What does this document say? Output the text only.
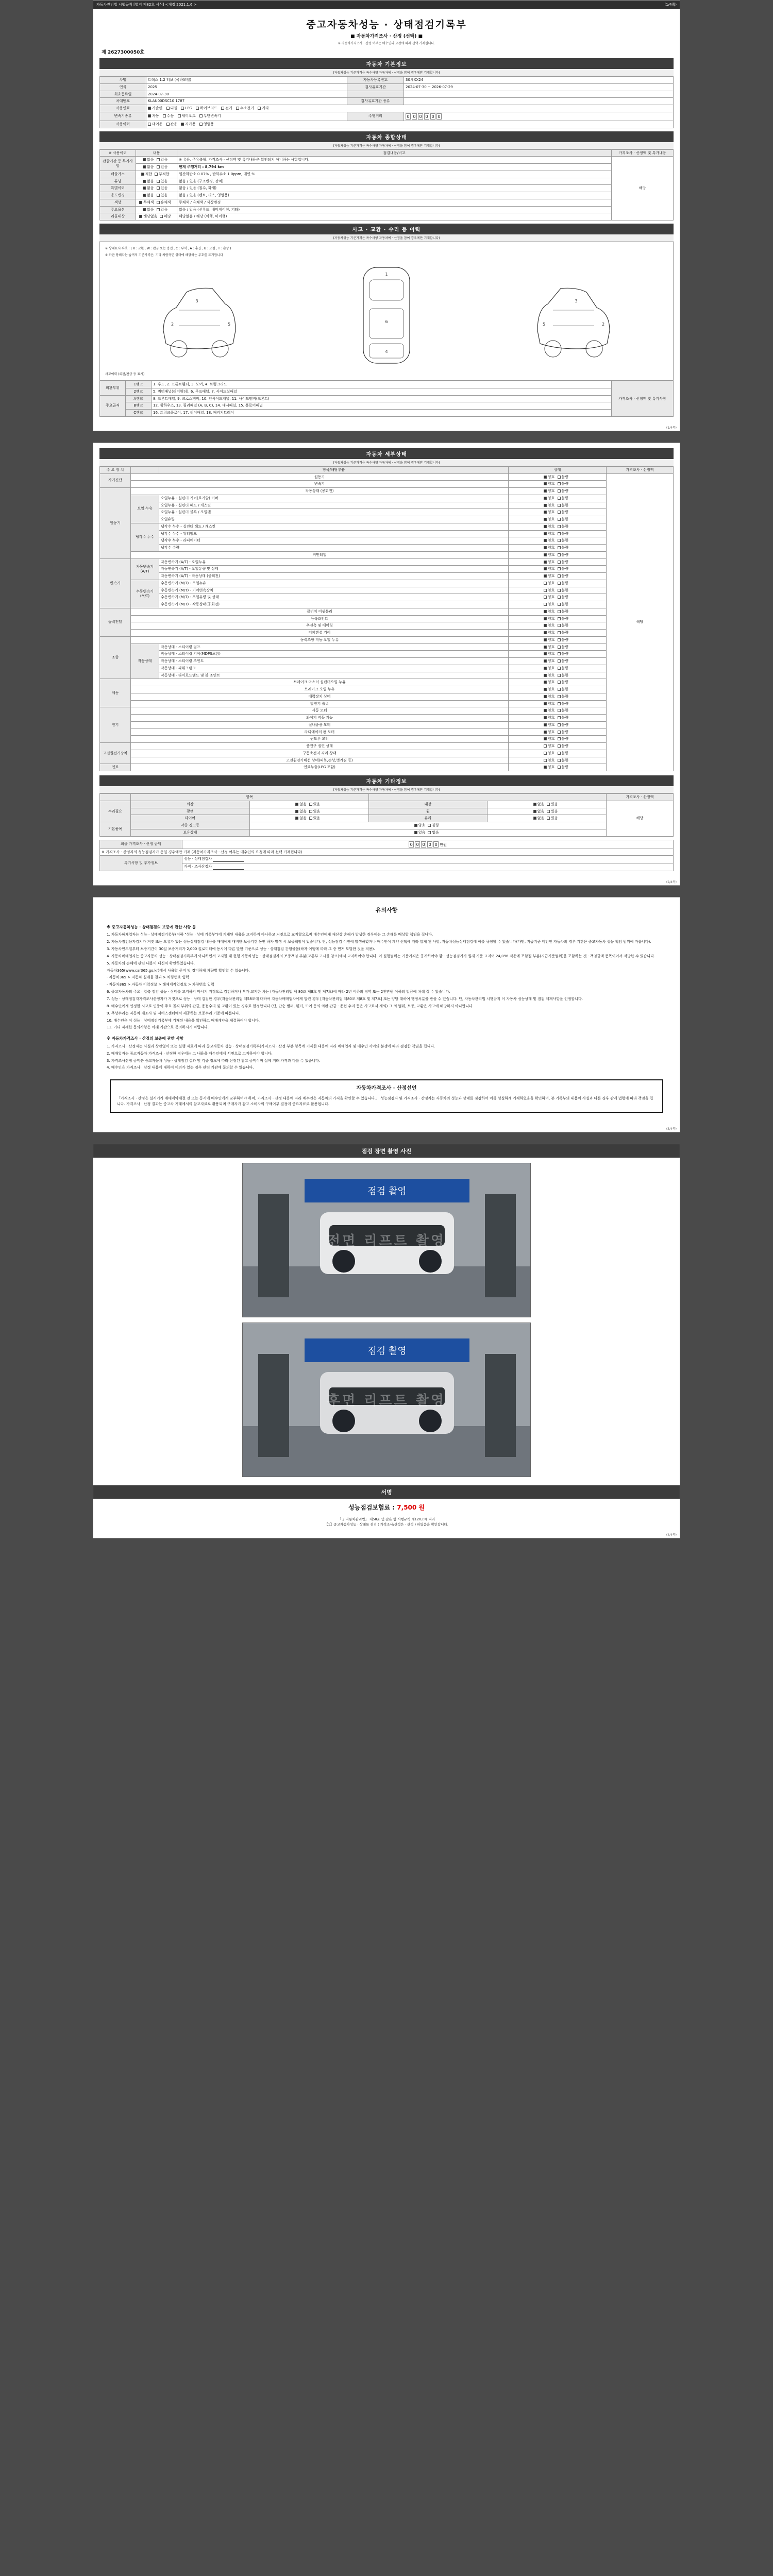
자동차관리법 시행규칙 [별지 제82호 서식] <개정 2021.1.6.>	(1/4쪽)
중고자동차성능 · 상태점검기록부
■ 자동차가격조사 · 산정 (선택) ■
※ 자동차가격조사 · 산정 여부는 매수인의 요청에 따라 선택 기재됩니다.
제 2627300050호
자동차 기본정보
(자동차성능 기준가격은 특수사양 자동차에 · 산정을 참여 경우에만 기재합니다)
차명	트랙스 1.2 터보 (국하모델)	자동차등록번호	30세XX24
연식	2025	검사유효기간	2024-07-30 ~ 2026-07-29
최초등록일	2024-07-30		
차대번호	KLAU00DSC10 1787	검사유효기간 종류	
사용연료	가솔린 디젤 LPG 하이브리드 전기 수소전기 기타		
변속기종류	자동 수동 세미오토 무단변속기	주행거리	0 0 0 0 0 0

사용이력	대여용 관용 자가용 영업용		
자동차 종합상태
(자동차성능 기준가격은 특수사양 자동차에 · 산정을 참여 경우에만 기재합니다)
※ 사용이력	내용	점검내용/비고	가격조사 · 산정액 및 특가내용
관할기관 등 특기사항	없음 있음	※ 유용, 주유출혈, 가격조사 · 산정액 및 특기내용은 확인되지 아니하는 사항입니다.	해당
	없음 있음	현재 주행거리 : 8,794 km	
배출가스	적합 부적합	일산화탄소 0.07% , 탄화수소 1.0ppm, 매연 %	
튜닝	없음 있음	없음 / 있음 (구조변경, 장치)	
특별이력	없음 있음	없음 / 있음 (침수, 화재)	
용도변경	없음 있음	없음 / 있음 (렌트, 리스, 영업용)	
색상	무채색 유채색	무채색 / 유채색 / 색상변경	
주요옵션	없음 있음	없음 / 있음 (선루프, 내비게이션, 기타)	
리콜대상	해당없음 해당	해당없음 / 해당 (이행, 미이행)	
사고 · 교환 · 수리 등 이력
(자동차성능 기준가격은 특수사양 자동차에 · 산정을 참여 경우에만 기재합니다)
※ 상태표시 부호 : ( X : 교환 , W : 판금 또는 용접 , C : 부식 , A : 흠집 , U : 요철 , T : 손상 )
※ 하단 당해차는 숨겨져 기준가격은, 기타 차량측면 상태에 해당하는 부호를 표기합니다
3
2	5
1
6
4
3
2
5
사고이력 (외판/판금 등 표시)
외판부위	1랭크	1. 후드, 2. 프론트휀더, 3. 도어, 4. 트렁크리드	가격조사 · 산정액 및 특기사항
	2랭크	5. 쿼터패널(리어휀더), 6. 루프패널, 7. 사이드실패널	
주요골격	A랭크	8. 프론트패널, 9. 크로스멤버, 10. 인사이드패널, 11. 사이드멤버(프론트)	
	B랭크	12. 휠하우스, 13. 필러패널 (A, B, C), 14. 대시패널, 15. 플로어패널	
	C랭크	16. 트렁크플로어, 17. 리어패널, 18. 패키지트레이	
(1/4쪽)
자동차 세부상태
(자동차성능 기준가격은 특수사양 자동차에 · 산정을 참여 경우에만 기재합니다)
주 요 장 치		항목/해당부품	상태	가격조사 · 산정액
자기진단	원동기		양호 불량	해당
	변속기		양호 불량	
원동기	작동상태 (공회전)		양호 불량	
	오일 누유	오일누유 - 실린더 커버(로커암) 커버	양호 불량	
		오일누유 - 실린더 헤드 / 개스킷	양호 불량	
		오일누유 - 실린더 블록 / 오일팬	양호 불량	
		오일유량	양호 불량	
	냉각수 누수	냉각수 누수 - 실린더 헤드 / 개스킷	양호 불량	
		냉각수 누수 - 워터펌프	양호 불량	
		냉각수 누수 - 라디에이터	양호 불량	
		냉각수 수량	양호 불량	
	커먼레일		양호 불량	
변속기	자동변속기
(A/T)	자동변속기 (A/T) - 오일누유	양호 불량	
		자동변속기 (A/T) - 오일유량 및 상태	양호 불량	
		자동변속기 (A/T) - 작동상태 (공회전)	양호 불량	
	수동변속기
(M/T)	수동변속기 (M/T) - 오일누유	양호 불량	
		수동변속기 (M/T) - 기어변속장치	양호 불량	
		수동변속기 (M/T) - 오일유량 및 상태	양호 불량	
		수동변속기 (M/T) - 작동상태(공회전)	양호 불량	
동력전달	클러치 어셈블리		양호 불량	
	등속조인트		양호 불량	
	추진축 및 베어링		양호 불량	
	디퍼렌셜 기어		양호 불량	
조향	동력조향 작동 오일 누유		양호 불량	
	작동상태	작동상태 - 스티어링 펌프	양호 불량	
		작동상태 - 스티어링 기어(MDPS포함)	양호 불량	
		작동상태 - 스티어링 조인트	양호 불량	
		작동상태 - 파워크랭크	양호 불량	
		작동상태 - 타이로드엔드 및 볼 조인트	양호 불량	
제동	브레이크 마스터 실린더오일 누유		양호 불량	
	브레이크 오일 누유		양호 불량	
	배력장치 상태		양호 불량	
	발전기 출력		양호 불량	
전기	시동 모터		양호 불량	
	와이퍼 작동 기능		양호 불량	
	실내송풍 모터		양호 불량	
	라디에이터 팬 모터		양호 불량	
	윈도우 모터		양호 불량	
고전원전기장치	충전구 절연 상태		양호 불량	
	구동축전지 격리 상태		양호 불량	
	고전원전기배선 상태(피복,손상,벗겨짐 등)		양호 불량	
연료	연료누출(LPG 포함)		양호 불량	
자동차 기타정보
(자동차성능 기준가격은 특수사양 자동차에 · 산정을 참여 경우에만 기재합니다)
	항목				가격조사 · 산정액
수리필요	외장	없음 있음	내장	없음 있음	해당
	광택	없음 있음	휠	없음 있음	
	타이어	없음 있음	유리	없음 있음	
기본품목	각종 경고등	양호 불량			
	보유상태	있음 없음			
최종 가격조사 · 산정 금액	0 0 0 0 0 만원
※ 가격조사 · 산정자의 성능점검자가 동일 경우에만 기재 (자동차가격조사 · 산정 여부는 매수인의 요청에 따라 선택 기재됩니다)	
특기사항 및 추가정보	성능 · 상태점검자
	가격 · 조사산정자
(2/4쪽)
유의사항
※ 중고자동차성능 · 상태점검의 보증에 관한 사항 등

1. 자동차해체업자는 성능 · 상태점검기록부(이하 "성능 · 상태 기록부")에 기재된 내용을 교지하지 아니하고 거짓으로 교지할으로써 매수인에게 재산상 손해가 발생한 경우에는 그 손해를 배상할 책임을 집니다.

2. 자동차점검용자검지가 거짓 또는 오류가 있는 성능상태점검 내용을 매매에게 대비한 보증기간 동안 하자 발생 시 보증책임이 있습니다. 단, 성능점검 이전에 발생하였거나 매수인이 계약 선택에 따라 알게 된 사항, 자동차성능상태점검에 이를 규정할 수 있습니다(다만, 지급기준 미만인 자동차의 경우 기간은 중고자동차 성능 책임 범위에 따릅니다).

3. 자동차인도일부터 보증기간이 30일 보증거리가 2,000 킬로미터에 동시에 다른 말한 기준으로 성능 · 상태점검 간행물을(하자 이행에 따라 그 중 먼저 도달한 것을 적용).

4. 자동차매매업자는 중고자동차 성능 · 상태점검기록부에 아니하면서 교지될 때 현행 자동차성능 · 상태점검자의 보증책임 부분(교통부 고시물 참조)에서 교지하여야 합니다. 이 실행범위는 기준가격은 공개하여야 함 · 성능점검기가 원래 기준 교지여 24,096 적용에 포함될 부분(지급기준범위)을 포함하는 것 · 책임금액 품목이어서 적당한 수 있습니다.

5. 자동차의 손해에 관련 내용이 대신처 확인하였습니다.

자동차365(www.car365.go.kr)에서 사용할 준비 및 경미하게 차량별 확인할 수 있습니다.

· 자동차365 > 자동차 실매물 결과 > 차량번호 입력

· 자동차365 > 자동차 이력정보 > 해체계작업정보 > 차량번호 입력

6. 중고자동차의 주요 · 압축 점검 성능 · 상태를 교지하지 마시기 거짓으로 검검하거나 부가 교지한 차는 (자동차관리법 제 80조 제8호 및 제7호)에 따라 2년 이하의 징역 또는 2천만원 이하의 벌금에 처해 질 수 있습니다.

7. 성능 · 상태점검자가격조사산정자가 거짓으로 성능 · 상태 검검한 경우(자동차관리법 제58조에 대하여 자동차매매업자에게 알린 경우 [자동차관리법 제80조 제8호 및 제7호] 또는 양당 대하여 행정처분을 받을 수 있습니다. 단, 자동차관리법 시행규칙 이 자동차 성능상태 및 점검 제재사항을 인정합니다.

8. 매수인에게 인정한 시고로 인증이 주요 골격 부위의 판금, 용접수리 및 교환이 있는 경우로 한정합니다.(단, 단순 범퍼, 휀더, 도어 등의 외판 판금 · 용접 수리 등은 사고로서 제외) 그 외 범위, 보증, 교환은 사고에 해당하지 아니합니다.

9. 무상수리는 자동차 제조사 및 서비스센터에서 제공하는 보증수리 기준에 따릅니다.

10. 매수인은 이 성능 · 상태점검기록부에 기재된 내용을 확인하고 매매계약을 체결하여야 합니다.

11. 기타 자세한 문의사항은 아래 기관으로 문의하시기 바랍니다.

※ 자동차가격조사 · 산정의 보증에 관한 사항

1. 가격조사 · 산정자는 사실과 상관없이 또는 실행 자료에 따라 중고자동차 성능 · 상태점검기록부(가격조사 · 산정 부분 항목에 기재한 내용에 따라 매매업자 및 매수인 사이의 분쟁에 따라 검검한 책임을 집니다.

2. 매매업자는 중고자동차 가격조사 · 산정한 경우에는 그 내용을 매수인에게 서면으로 고지하여야 합니다.

3. 가격조사산정 금액은 중고자동차 성능 · 상태점검 결과 및 각종 정보에 따라 산정된 참고 금액이며 실제 거래 가격과 다를 수 있습니다.

4. 매수인은 가격조사 · 산정 내용에 대하여 이의가 있는 경우 관련 기관에 문의할 수 있습니다.

자동차가격조사 · 산정선언
「가격조사 · 산정은 실시기가 매매계약체결 전 또는 동시에 매수인에게 교부하여야 하며, 가격조사 · 산정 내용에 따라 매수인은 자동차의 가격을 확인할 수 있습니다.」 성능점검자 및 가격조사 · 산정자는 자동차의 성능과 상태를 점검하여 이를 성실하게 기재하였음을 확인하며, 본 기록부의 내용이 사실과 다를 경우 관계 법령에 따라 책임을 집니다. 가격조사 · 산정 결과는 중고차 거래에서의 참고자료로 활용되며 구매자가 참고 소비자의 구매여부 결정에 중요자료로 활용됩니다.
(3/4쪽)
점검 장면 촬영 사진
점검 촬영
전면 리프트 촬영
점검 촬영
후면 리프트 촬영
서명
성능점검보험료 : 7,500 원
「 」자동차관리법」 제58조 및 같은 법 시행규칙 제120조에 따라
【1】중고자동차성능 · 상태를 점검 ( 가격조사/산정은 · 산정 ) 하였음을 확인합니다.
(4/4쪽)
